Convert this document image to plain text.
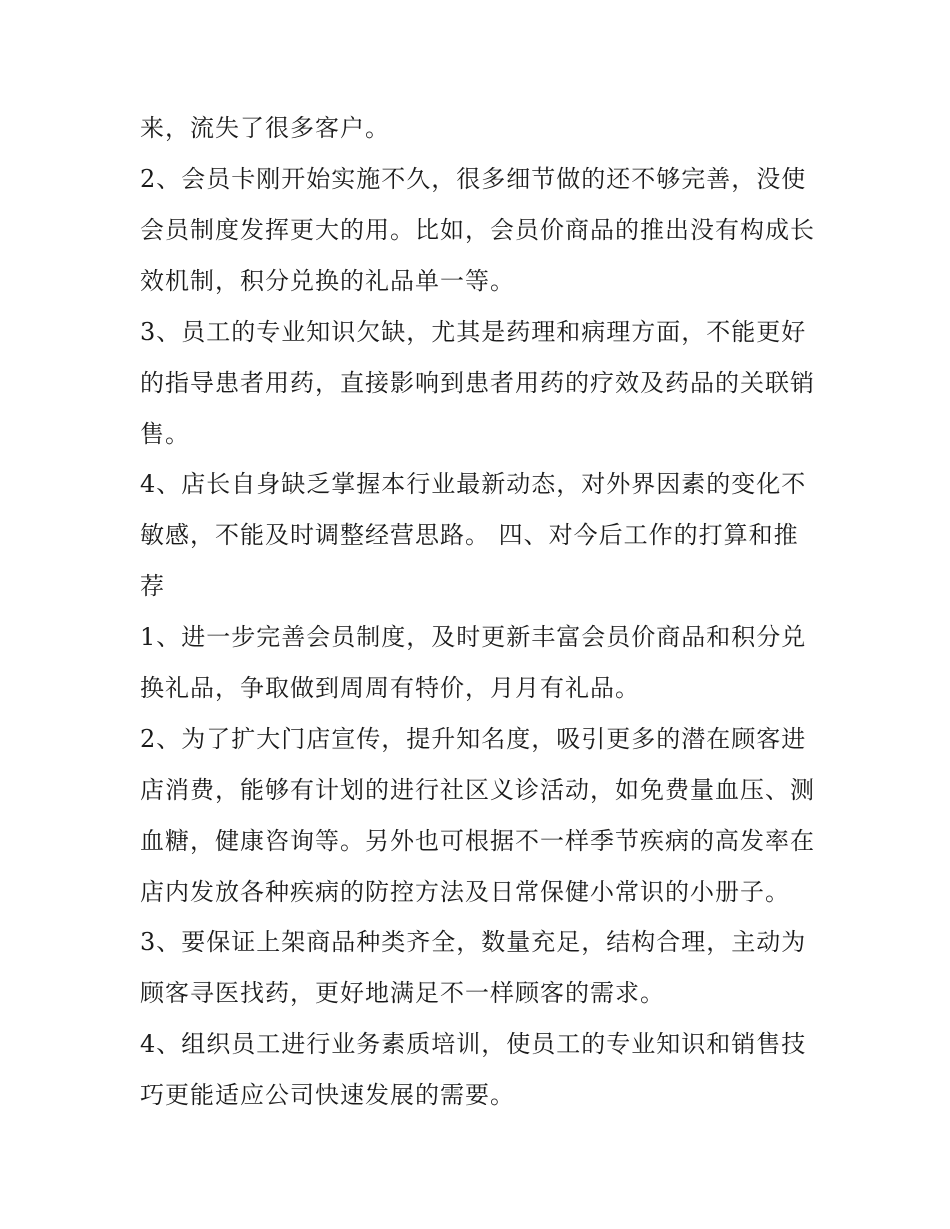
来，流失了很多客户。

2、会员卡刚开始实施不久，很多细节做的还不够完善，没使

会员制度发挥更大的用。比如，会员价商品的推出没有构成长

效机制，积分兑换的礼品单一等。

3、员工的专业知识欠缺，尤其是药理和病理方面，不能更好

的指导患者用药，直接影响到患者用药的疗效及药品的关联销

售。

4、店长自身缺乏掌握本行业最新动态，对外界因素的变化不

敏感，不能及时调整经营思路。 四、对今后工作的打算和推

荐

1、进一步完善会员制度，及时更新丰富会员价商品和积分兑

换礼品，争取做到周周有特价，月月有礼品。

2、为了扩大门店宣传，提升知名度，吸引更多的潜在顾客进

店消费，能够有计划的进行社区义诊活动，如免费量血压、测

血糖，健康咨询等。另外也可根据不一样季节疾病的高发率在

店内发放各种疾病的防控方法及日常保健小常识的小册子。

3、要保证上架商品种类齐全，数量充足，结构合理，主动为

顾客寻医找药，更好地满足不一样顾客的需求。

4、组织员工进行业务素质培训，使员工的专业知识和销售技

巧更能适应公司快速发展的需要。
